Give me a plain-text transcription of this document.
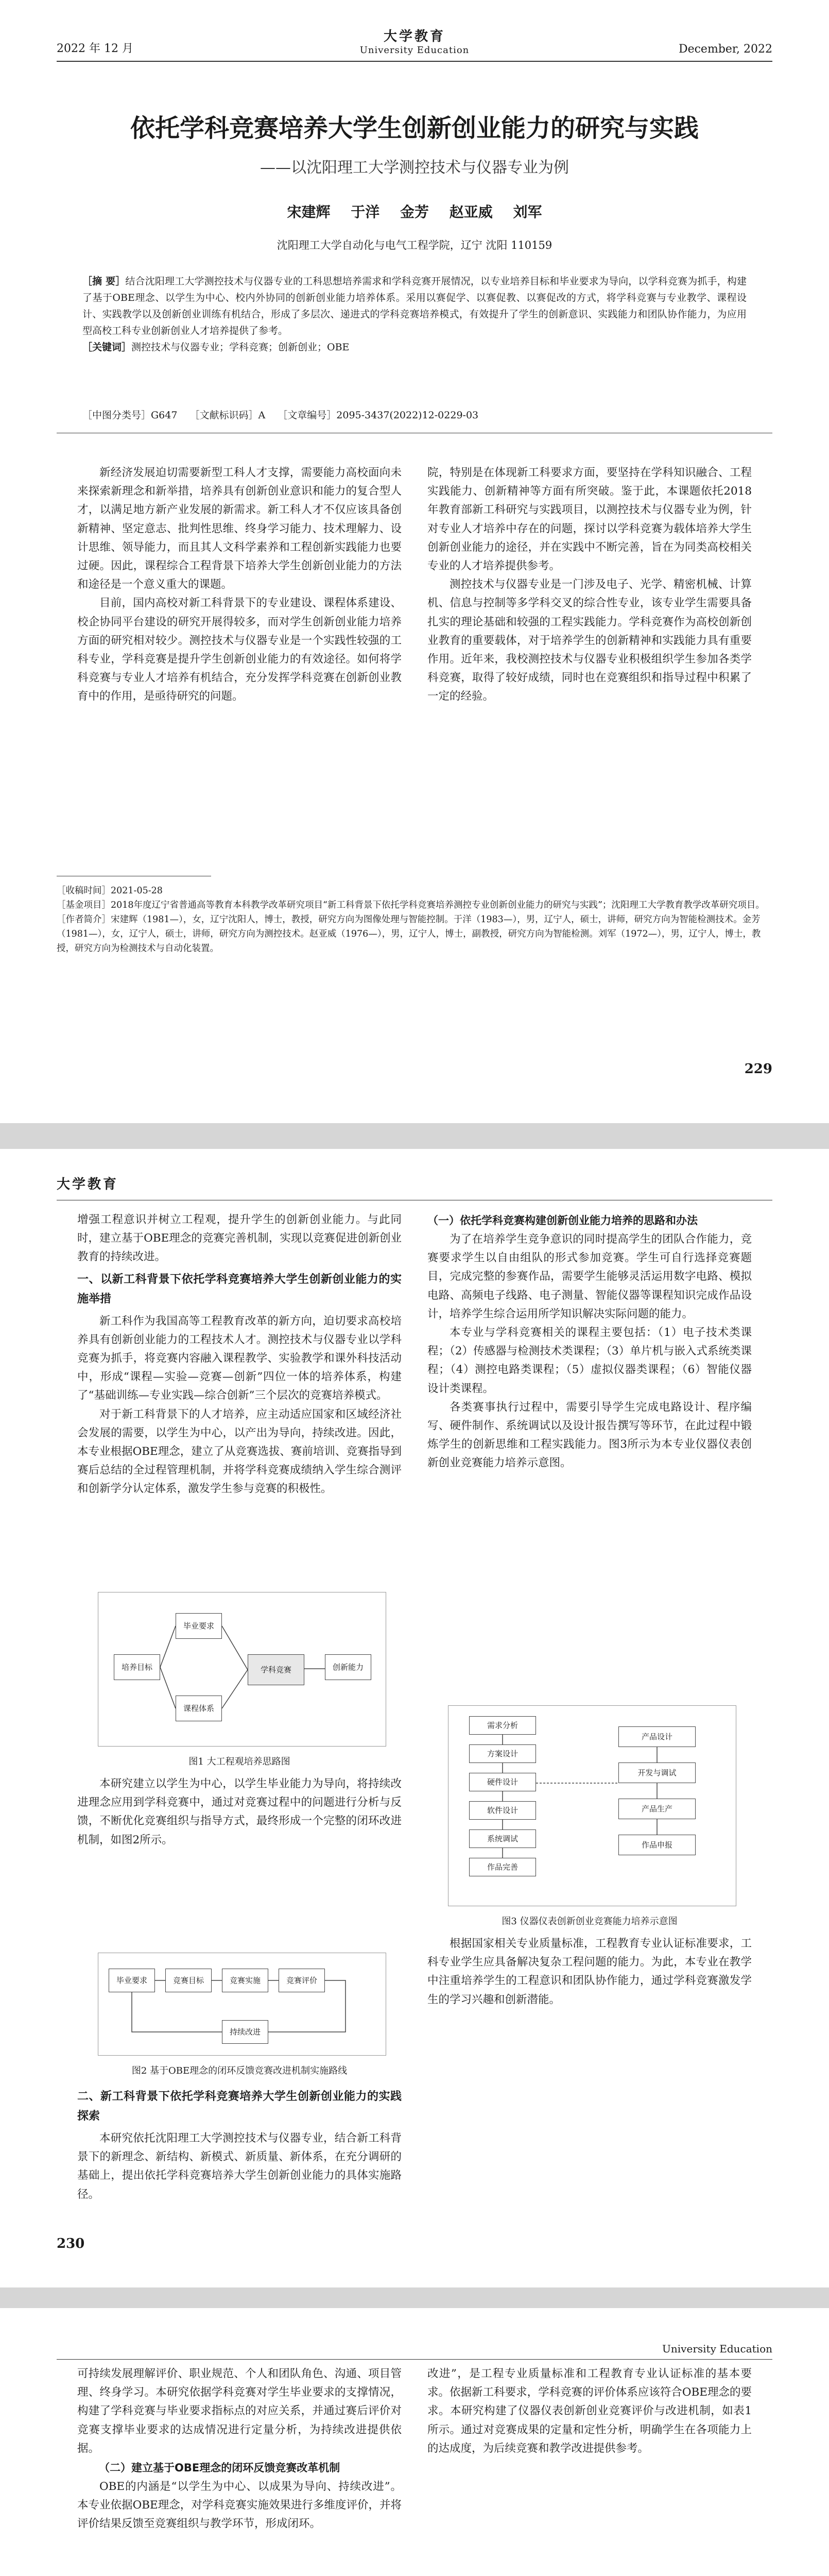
大学教育
University Education
2022 年 12 月	December, 2022
依托学科竞赛培养大学生创新创业能力的研究与实践
——以沈阳理工大学测控技术与仪器专业为例
宋建辉 于洋 金芳 赵亚威 刘军
沈阳理工大学自动化与电气工程学院，辽宁 沈阳 110159
［摘 要］结合沈阳理工大学测控技术与仪器专业的工科思想培养需求和学科竞赛开展情况，以专业培养目标和毕业要求为导向，以学科竞赛为抓手，构建了基于OBE理念、以学生为中心、校内外协同的创新创业能力培养体系。采用以赛促学、以赛促教、以赛促改的方式，将学科竞赛与专业教学、课程设计、实践教学以及创新创业训练有机结合，形成了多层次、递进式的学科竞赛培养模式，有效提升了学生的创新意识、实践能力和团队协作能力，为应用型高校工科专业创新创业人才培养提供了参考。
［关键词］测控技术与仪器专业；学科竞赛；创新创业；OBE
［中图分类号］G647 ［文献标识码］A ［文章编号］2095-3437(2022)12-0229-03

新经济发展迫切需要新型工科人才支撑，需要能力高校面向未来探索新理念和新举措，培养具有创新创业意识和能力的复合型人才，以满足地方新产业发展的新需求。新工科人才不仅应该具备创新精神、坚定意志、批判性思维、终身学习能力、技术理解力、设计思维、领导能力，而且其人文科学素养和工程创新实践能力也要过硬。因此，课程综合工程背景下培养大学生创新创业能力的方法和途径是一个意义重大的课题。

目前，国内高校对新工科背景下的专业建设、课程体系建设、校企协同平台建设的研究开展得较多，而对学生创新创业能力培养方面的研究相对较少。测控技术与仪器专业是一个实践性较强的工科专业，学科竞赛是提升学生创新创业能力的有效途径。如何将学科竞赛与专业人才培养有机结合，充分发挥学科竞赛在创新创业教育中的作用，是亟待研究的问题。

院，特别是在体现新工科要求方面，要坚持在学科知识融合、工程实践能力、创新精神等方面有所突破。鉴于此，本课题依托2018年教育部新工科研究与实践项目，以测控技术与仪器专业为例，针对专业人才培养中存在的问题，探讨以学科竞赛为载体培养大学生创新创业能力的途径，并在实践中不断完善，旨在为同类高校相关专业的人才培养提供参考。

测控技术与仪器专业是一门涉及电子、光学、精密机械、计算机、信息与控制等多学科交叉的综合性专业，该专业学生需要具备扎实的理论基础和较强的工程实践能力。学科竞赛作为高校创新创业教育的重要载体，对于培养学生的创新精神和实践能力具有重要作用。近年来，我校测控技术与仪器专业积极组织学生参加各类学科竞赛，取得了较好成绩，同时也在竞赛组织和指导过程中积累了一定的经验。

［收稿时间］2021-05-28
［基金项目］2018年度辽宁省普通高等教育本科教学改革研究项目“新工科背景下依托学科竞赛培养测控专业创新创业能力的研究与实践”；沈阳理工大学教育教学改革研究项目。
［作者简介］宋建辉（1981—），女，辽宁沈阳人，博士，教授，研究方向为图像处理与智能控制。于洋（1983—），男，辽宁人，硕士，讲师，研究方向为智能检测技术。金芳（1981—），女，辽宁人，硕士，讲师，研究方向为测控技术。赵亚威（1976—），男，辽宁人，博士，副教授，研究方向为智能检测。刘军（1972—），男，辽宁人，博士，教授，研究方向为检测技术与自动化装置。
229
大学教育

增强工程意识并树立工程观，提升学生的创新创业能力。与此同时，建立基于OBE理念的竞赛完善机制，实现以竞赛促进创新创业教育的持续改进。

一、以新工科背景下依托学科竞赛培养大学生创新创业能力的实施举措

新工科作为我国高等工程教育改革的新方向，迫切要求高校培养具有创新创业能力的工程技术人才。测控技术与仪器专业以学科竞赛为抓手，将竞赛内容融入课程教学、实验教学和课外科技活动中，形成“课程—实验—竞赛—创新”四位一体的培养体系，构建了“基础训练—专业实践—综合创新”三个层次的竞赛培养模式。

对于新工科背景下的人才培养，应主动适应国家和区域经济社会发展的需要，以学生为中心，以产出为导向，持续改进。因此，本专业根据OBE理念，建立了从竞赛选拔、赛前培训、竞赛指导到赛后总结的全过程管理机制，并将学科竞赛成绩纳入学生综合测评和创新学分认定体系，激发学生参与竞赛的积极性。

培养目标
毕业要求
课程体系
学科竞赛	创新能力
图1 大工程观培养思路图

本研究建立以学生为中心，以学生毕业能力为导向，将持续改进理念应用到学科竞赛中，通过对竞赛过程中的问题进行分析与反馈，不断优化竞赛组织与指导方式，最终形成一个完整的闭环改进机制，如图2所示。

毕业要求	竞赛目标	竞赛实施	竞赛评价
持续改进
图2 基于OBE理念的闭环反馈竞赛改进机制实施路线
二、新工科背景下依托学科竞赛培养大学生创新创业能力的实践探索

本研究依托沈阳理工大学测控技术与仪器专业，结合新工科背景下的新理念、新结构、新模式、新质量、新体系，在充分调研的基础上，提出依托学科竞赛培养大学生创新创业能力的具体实施路径。

（一）依托学科竞赛构建创新创业能力培养的思路和办法

为了在培养学生竞争意识的同时提高学生的团队合作能力，竞赛要求学生以自由组队的形式参加竞赛。学生可自行选择竞赛题目，完成完整的参赛作品，需要学生能够灵活运用数字电路、模拟电路、高频电子线路、电子测量、智能仪器等课程知识完成作品设计，培养学生综合运用所学知识解决实际问题的能力。

本专业与学科竞赛相关的课程主要包括：（1）电子技术类课程；（2）传感器与检测技术类课程；（3）单片机与嵌入式系统类课程；（4）测控电路类课程；（5）虚拟仪器类课程；（6）智能仪器设计类课程。

各类赛事执行过程中，需要引导学生完成电路设计、程序编写、硬件制作、系统调试以及设计报告撰写等环节，在此过程中锻炼学生的创新思维和工程实践能力。图3所示为本专业仪器仪表创新创业竞赛能力培养示意图。

需求分析
方案设计
硬件设计
软件设计
系统调试
作品完善
产品设计
开发与调试
产品生产
作品申报
图3 仪器仪表创新创业竞赛能力培养示意图

根据国家相关专业质量标准，工程教育专业认证标准要求，工科专业学生应具备解决复杂工程问题的能力。为此，本专业在教学中注重培养学生的工程意识和团队协作能力，通过学科竞赛激发学生的学习兴趣和创新潜能。

230
University Education

可持续发展理解评价、职业规范、个人和团队角色、沟通、项目管理、终身学习。本研究依据学科竞赛对学生毕业要求的支撑情况，构建了学科竞赛与毕业要求指标点的对应关系，并通过赛后评价对竞赛支撑毕业要求的达成情况进行定量分析，为持续改进提供依据。

（二）建立基于OBE理念的闭环反馈竞赛改革机制

OBE的内涵是“以学生为中心、以成果为导向、持续改进”。本专业依据OBE理念，对学科竞赛实施效果进行多维度评价，并将评价结果反馈至竞赛组织与教学环节，形成闭环。

改进”，是工程专业质量标准和工程教育专业认证标准的基本要求。依据新工科要求，学科竞赛的评价体系应该符合OBE理念的要求。本研究构建了仪器仪表创新创业竞赛评价与改进机制，如表1所示。通过对竞赛成果的定量和定性分析，明确学生在各项能力上的达成度，为后续竞赛和教学改进提供参考。
